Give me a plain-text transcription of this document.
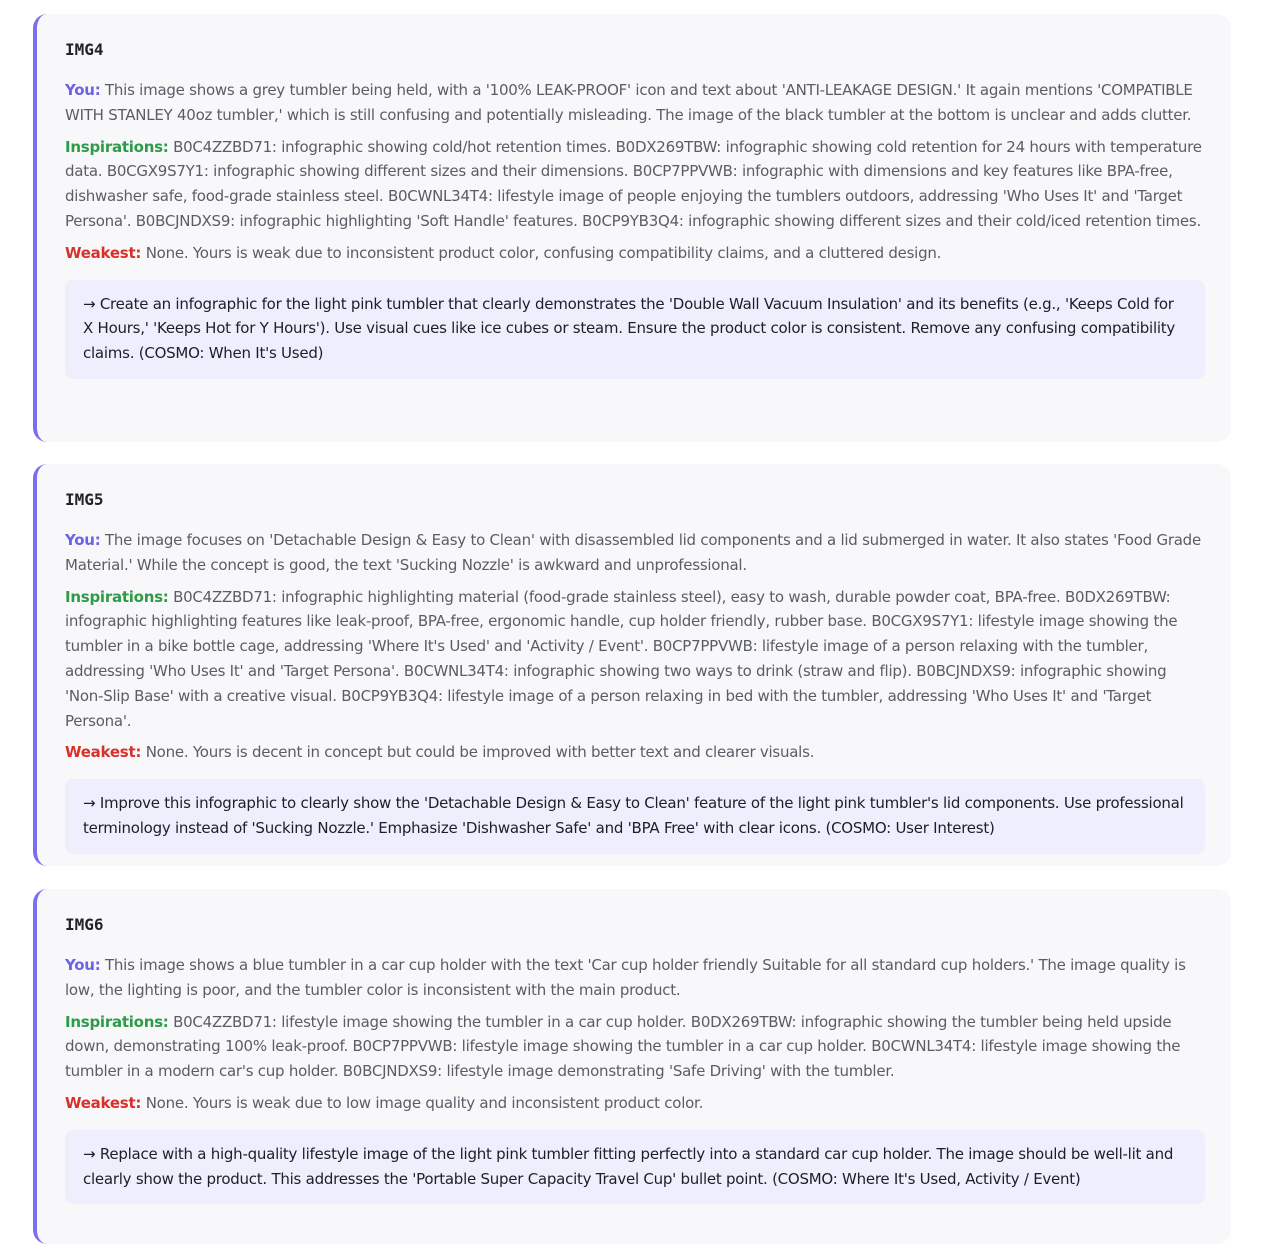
IMG4

You: This image shows a grey tumbler being held, with a '100% LEAK-PROOF' icon and text about 'ANTI-LEAKAGE DESIGN.' It again mentions 'COMPATIBLE WITH STANLEY 40oz tumbler,' which is still confusing and potentially misleading. The image of the black tumbler at the bottom is unclear and adds clutter.

Inspirations: B0C4ZZBD71: infographic showing cold/hot retention times. B0DX269TBW: infographic showing cold retention for 24 hours with temperature data. B0CGX9S7Y1: infographic showing different sizes and their dimensions. B0CP7PPVWB: infographic with dimensions and key features like BPA-free, dishwasher safe, food-grade stainless steel. B0CWNL34T4: lifestyle image of people enjoying the tumblers outdoors, addressing 'Who Uses It' and 'Target Persona'. B0BCJNDXS9: infographic highlighting 'Soft Handle' features. B0CP9YB3Q4: infographic showing different sizes and their cold/iced retention times.

Weakest: None. Yours is weak due to inconsistent product color, confusing compatibility claims, and a cluttered design.

→ Create an infographic for the light pink tumbler that clearly demonstrates the 'Double Wall Vacuum Insulation' and its benefits (e.g., 'Keeps Cold for X Hours,' 'Keeps Hot for Y Hours'). Use visual cues like ice cubes or steam. Ensure the product color is consistent. Remove any confusing compatibility claims. (COSMO: When It's Used)
IMG5

You: The image focuses on 'Detachable Design & Easy to Clean' with disassembled lid components and a lid submerged in water. It also states 'Food Grade Material.' While the concept is good, the text 'Sucking Nozzle' is awkward and unprofessional.

Inspirations: B0C4ZZBD71: infographic highlighting material (food-grade stainless steel), easy to wash, durable powder coat, BPA-free. B0DX269TBW: infographic highlighting features like leak-proof, BPA-free, ergonomic handle, cup holder friendly, rubber base. B0CGX9S7Y1: lifestyle image showing the tumbler in a bike bottle cage, addressing 'Where It's Used' and 'Activity / Event'. B0CP7PPVWB: lifestyle image of a person relaxing with the tumbler, addressing 'Who Uses It' and 'Target Persona'. B0CWNL34T4: infographic showing two ways to drink (straw and flip). B0BCJNDXS9: infographic showing 'Non-Slip Base' with a creative visual. B0CP9YB3Q4: lifestyle image of a person relaxing in bed with the tumbler, addressing 'Who Uses It' and 'Target Persona'.

Weakest: None. Yours is decent in concept but could be improved with better text and clearer visuals.

→ Improve this infographic to clearly show the 'Detachable Design & Easy to Clean' feature of the light pink tumbler's lid components. Use professional terminology instead of 'Sucking Nozzle.' Emphasize 'Dishwasher Safe' and 'BPA Free' with clear icons. (COSMO: User Interest)
IMG6

You: This image shows a blue tumbler in a car cup holder with the text 'Car cup holder friendly Suitable for all standard cup holders.' The image quality is low, the lighting is poor, and the tumbler color is inconsistent with the main product.

Inspirations: B0C4ZZBD71: lifestyle image showing the tumbler in a car cup holder. B0DX269TBW: infographic showing the tumbler being held upside down, demonstrating 100% leak-proof. B0CP7PPVWB: lifestyle image showing the tumbler in a car cup holder. B0CWNL34T4: lifestyle image showing the tumbler in a modern car's cup holder. B0BCJNDXS9: lifestyle image demonstrating 'Safe Driving' with the tumbler.

Weakest: None. Yours is weak due to low image quality and inconsistent product color.

→ Replace with a high-quality lifestyle image of the light pink tumbler fitting perfectly into a standard car cup holder. The image should be well-lit and clearly show the product. This addresses the 'Portable Super Capacity Travel Cup' bullet point. (COSMO: Where It's Used, Activity / Event)
